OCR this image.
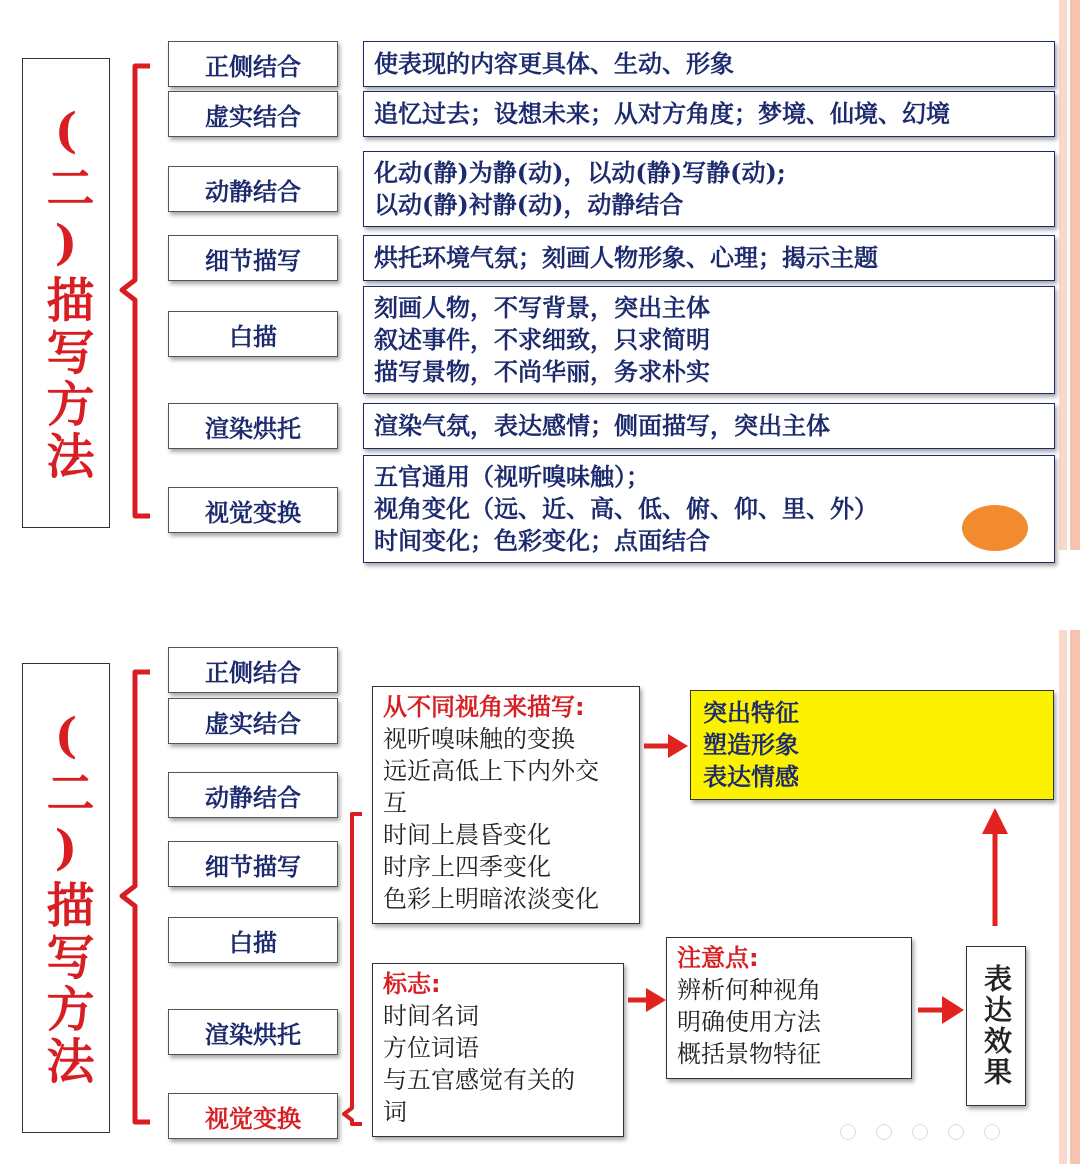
(二)描写方法
正侧结合
虚实结合
动静结合
细节描写
白描
渲染烘托
视觉变换
使表现的内容更具体、生动、形象
追忆过去；设想未来；从对方角度；梦境、仙境、幻境
化动(静)为静(动)，以动(静)写静(动);
以动(静)衬静(动)，动静结合
烘托环境气氛；刻画人物形象、心理；揭示主题
刻画人物，不写背景，突出主体
叙述事件，不求细致，只求简明
描写景物，不尚华丽，务求朴实
渲染气氛，表达感情；侧面描写，突出主体
五官通用（视听嗅味触）；
视角变化（远、近、高、低、俯、仰、里、外）
时间变化；色彩变化；点面结合
(二)描写方法
正侧结合
虚实结合
动静结合
细节描写
白描
渲染烘托
视觉变换
从不同视角来描写:
视听嗅味触的变换
远近高低上下内外交
互
时间上晨昏变化
时序上四季变化
色彩上明暗浓淡变化
突出特征
塑造形象
表达情感
标志:
时间名词
方位词语
与五官感觉有关的
词
注意点:
辨析何种视角
明确使用方法
概括景物特征	表达效果
